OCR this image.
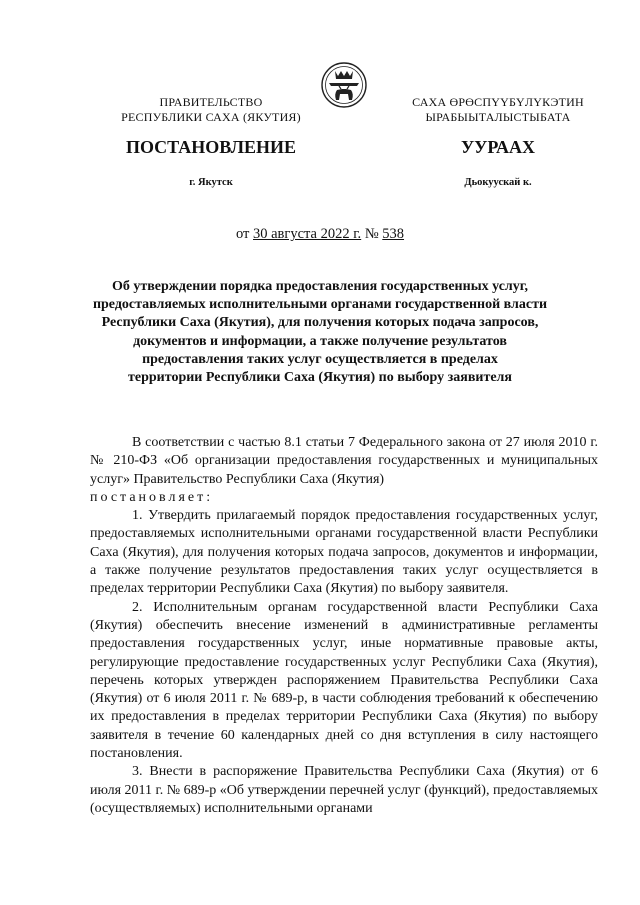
ПРАВИТЕЛЬСТВО
РЕСПУБЛИКИ САХА (ЯКУТИЯ)
САХА ӨРӨСПҮҮБҮЛҮКЭТИН
ЫРАБЫЫТАЛЫСТЫБАТА
ПОСТАНОВЛЕНИЕ	УУРААХ
г. Якутск	Дьокуускай к.
от 30 августа 2022 г. № 538
Об утверждении порядка предоставления государственных услуг,
предоставляемых исполнительными органами государственной власти
Республики Саха (Якутия), для получения которых подача запросов,
документов и информации, а также получение результатов
предоставления таких услуг осуществляется в пределах
территории Республики Саха (Якутия) по выбору заявителя

В соответствии с частью 8.1 статьи 7 Федерального закона от 27 июля 2010 г. № 210-ФЗ «Об организации предоставления государственных и муниципальных услуг» Правительство Республики Саха (Якутия)

постановляет:

1. Утвердить прилагаемый порядок предоставления государственных услуг, предоставляемых исполнительными органами государственной власти Республики Саха (Якутия), для получения которых подача запросов, документов и информации, а также получение результатов предоставления таких услуг осуществляется в пределах территории Республики Саха (Якутия) по выбору заявителя.

2. Исполнительным органам государственной власти Республики Саха (Якутия) обеспечить внесение изменений в административные регламенты предоставления государственных услуг, иные нормативные правовые акты, регулирующие предоставление государственных услуг Республики Саха (Якутия), перечень которых утвержден распоряжением Правительства Республики Саха (Якутия) от 6 июля 2011 г. № 689-р, в части соблюдения требований к обеспечению их предоставления в пределах территории Республики Саха (Якутия) по выбору заявителя в течение 60 календарных дней со дня вступления в силу настоящего постановления.

3. Внести в распоряжение Правительства Республики Саха (Якутия) от 6 июля 2011 г. № 689-р «Об утверждении перечней услуг (функций), предоставляемых (осуществляемых) исполнительными органами
